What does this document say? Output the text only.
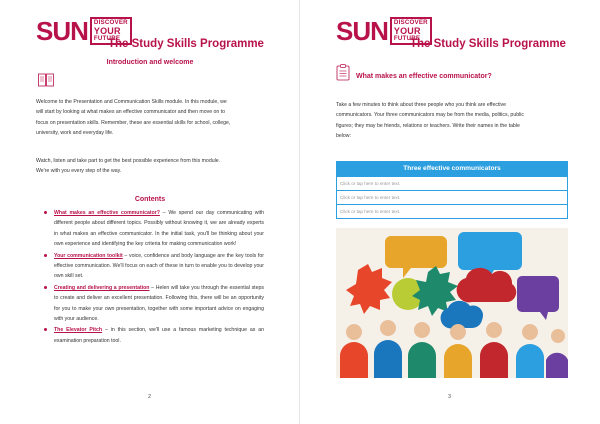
SUN DISCOVER
YOUR
FUTURE
The Study Skills Programme
Introduction and welcome
Welcome to the Presentation and Communication Skills module. In this module, we
will start by looking at what makes an effective communicator and then move on to
focus on presentation skills. Remember, these are essential skills for school, college,
university, work and everyday life.
Watch, listen and take part to get the best possible experience from this module.
We're with you every step of the way.
Contents
What makes an effective communicator? – We spend our day communicating with different people about different topics. Possibly without knowing it, we are already experts in what makes an effective communicator. In the initial task, you'll be thinking about your own experience and identifying the key criteria for making communication work!
Your communication toolkit – voice, confidence and body language are the key tools for effective communication. We'll focus on each of these in turn to enable you to develop your own skill set.
Creating and delivering a presentation – Helen will take you through the essential steps to create and deliver an excellent presentation. Following this, there will be an opportunity for you to make your own presentation, together with some important advice on engaging with your audience.
The Elevator Pitch – in this section, we'll use a famous marketing technique as an examination preparation tool.
2
SUN DISCOVER
YOUR
FUTURE
The Study Skills Programme
What makes an effective communicator?
Take a few minutes to think about three people who you think are effective
communicators. Your three communicators may be from the media, politics, public
figures; they may be friends, relations or teachers. Write their names in the table
below:
3
Three effective communicators
Click or tap here to enter text.
Click or tap here to enter text.
Click or tap here to enter text.
